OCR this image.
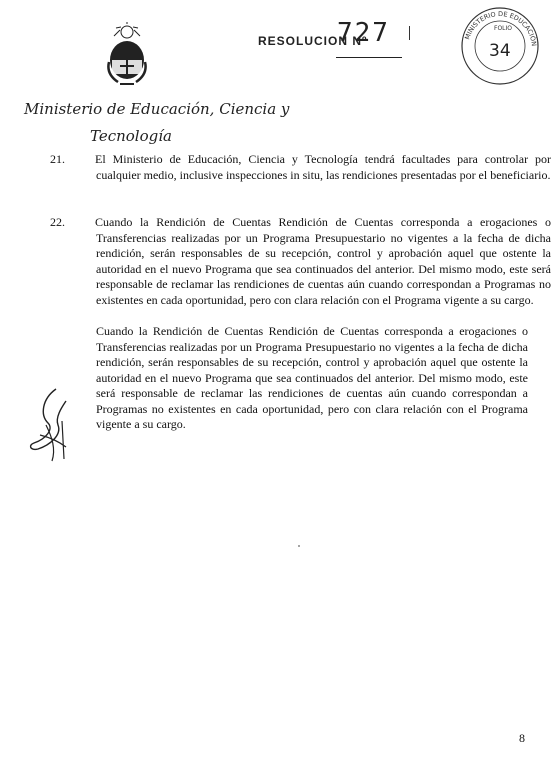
RESOLUCION Nº
727	MINISTERIO DE EDUCACIÓN
FOLIO
34
Ministerio de Educación, Ciencia y
Tecnología
21.	El Ministerio de Educación, Ciencia y Tecnología tendrá facultades para controlar por cualquier medio, inclusive inspecciones in situ, las rendiciones presentadas por el beneficiario.
22.	Cuando la Rendición de Cuentas Rendición de Cuentas corresponda a erogaciones o Transferencias realizadas por un Programa Presupuestario no vigentes a la fecha de dicha rendición, serán responsables de su recepción, control y aprobación aquel que ostente la autoridad en el nuevo Programa que sea continuados del anterior. Del mismo modo, este será responsable de reclamar las rendiciones de cuentas aún cuando correspondan a Programas no existentes en cada oportunidad, pero con clara relación con el Programa vigente a su cargo.
Cuando la Rendición de Cuentas Rendición de Cuentas corresponda a erogaciones o Transferencias realizadas por un Programa Presupuestario no vigentes a la fecha de dicha rendición, serán responsables de su recepción, control y aprobación aquel que ostente la autoridad en el nuevo Programa que sea continuados del anterior. Del mismo modo, este será responsable de reclamar las rendiciones de cuentas aún cuando correspondan a Programas no existentes en cada oportunidad, pero con clara relación con el Programa vigente a su cargo.
8
